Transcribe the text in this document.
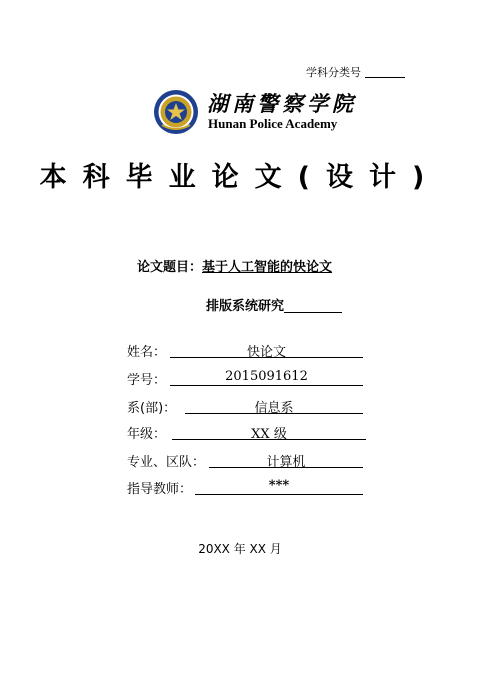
学科分类号
湖南警察学院
Hunan Police Academy
本科毕业论文(设计)
论文题目：基于人工智能的快论文
排版系统研究
姓名：	快论文
学号：	2015091612
系(部)：	信息系
年级：	XX 级
专业、区队：	计算机
指导教师：	***
20XX 年 XX 月
